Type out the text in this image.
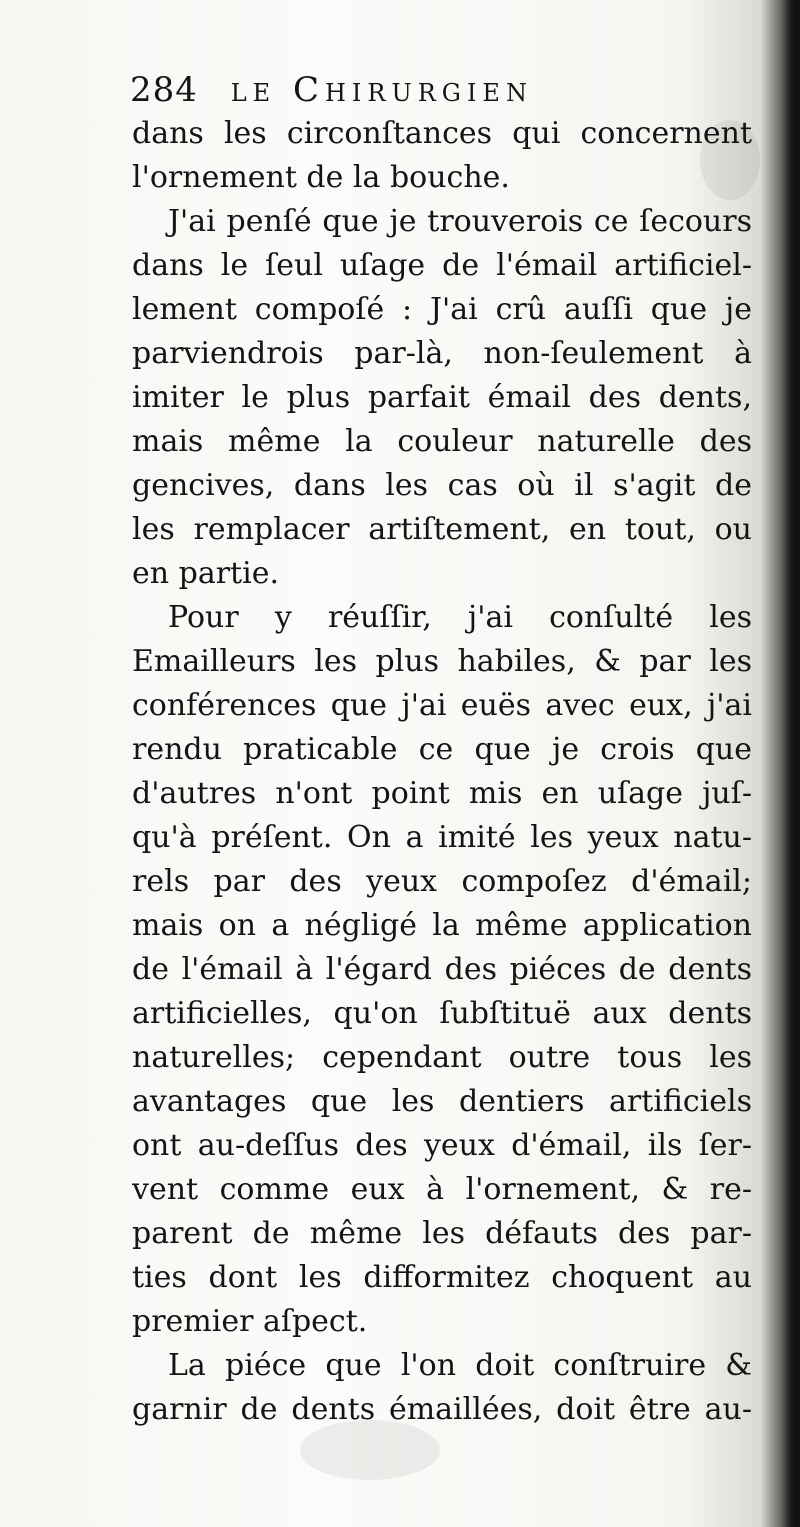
284 le Chirurgien
dans les circonſtances qui concernent
l'ornement de la bouche.
J'ai penſé que je trouverois ce ſecours
dans le ſeul uſage de l'émail artificiel-
lement compoſé : J'ai crû auſſi que je
parviendrois par-là, non-ſeulement à
imiter le plus parfait émail des dents,
mais même la couleur naturelle des
gencives, dans les cas où il s'agit de
les remplacer artiſtement, en tout, ou
en partie.
Pour y réuſſir, j'ai conſulté les
Emailleurs les plus habiles, & par les
conférences que j'ai euës avec eux, j'ai
rendu praticable ce que je crois que
d'autres n'ont point mis en uſage juſ-
qu'à préſent. On a imité les yeux natu-
rels par des yeux compoſez d'émail;
mais on a négligé la même application
de l'émail à l'égard des piéces de dents
artificielles, qu'on ſubſtituë aux dents
naturelles; cependant outre tous les
avantages que les dentiers artificiels
ont au-deſſus des yeux d'émail, ils ſer-
vent comme eux à l'ornement, & re-
parent de même les défauts des par-
ties dont les difformitez choquent au
premier aſpect.
La piéce que l'on doit conſtruire &
garnir de dents émaillées, doit être au-
